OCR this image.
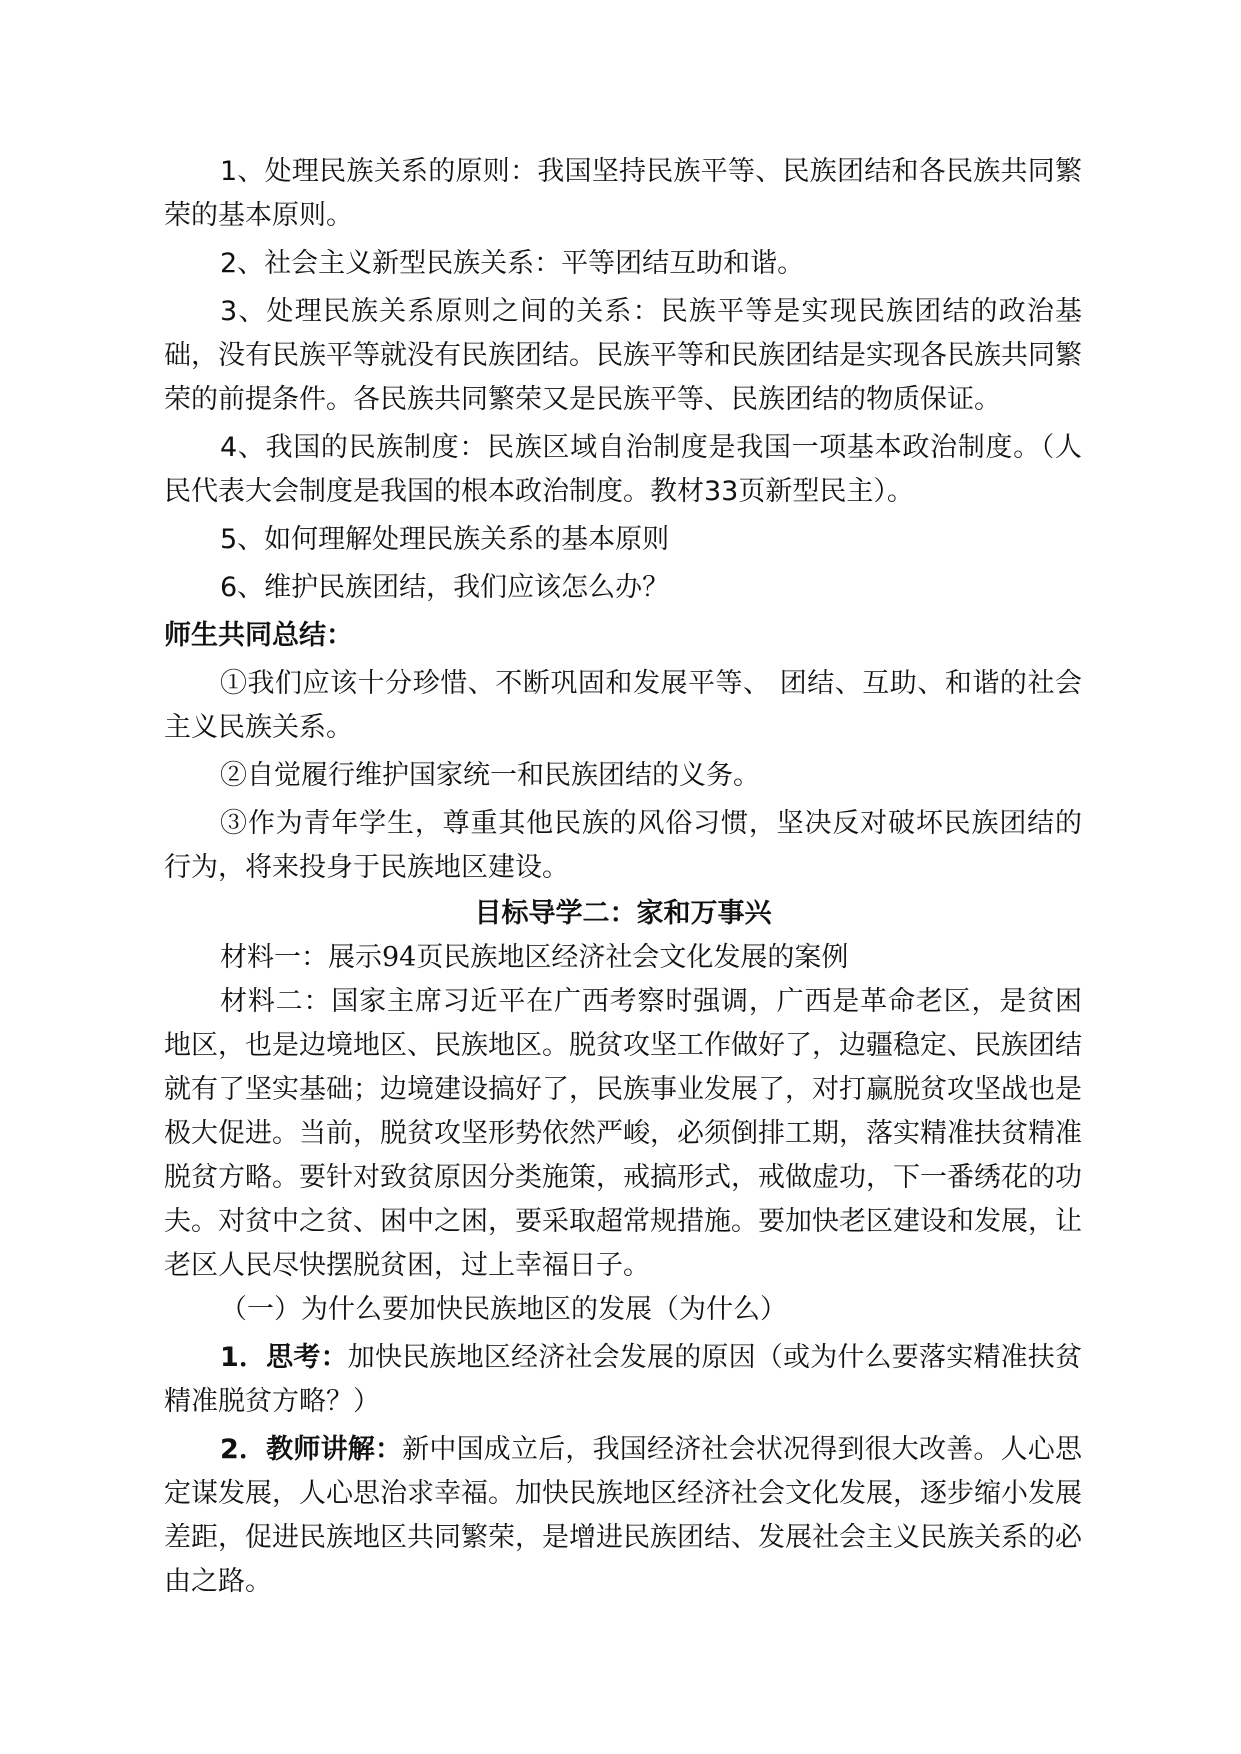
1、处理民族关系的原则：我国坚持民族平等、民族团结和各民族共同繁荣的基本原则。

2、社会主义新型民族关系：平等团结互助和谐。

3、处理民族关系原则之间的关系：民族平等是实现民族团结的政治基础，没有民族平等就没有民族团结。民族平等和民族团结是实现各民族共同繁荣的前提条件。各民族共同繁荣又是民族平等、民族团结的物质保证。

4、我国的民族制度：民族区域自治制度是我国一项基本政治制度。（人民代表大会制度是我国的根本政治制度。教材33页新型民主）。

5、如何理解处理民族关系的基本原则

6、维护民族团结，我们应该怎么办？

师生共同总结：

①我们应该十分珍惜、不断巩固和发展平等、 团结、互助、和谐的社会主义民族关系。

②自觉履行维护国家统一和民族团结的义务。

③作为青年学生，尊重其他民族的风俗习惯，坚决反对破坏民族团结的行为，将来投身于民族地区建设。

目标导学二：家和万事兴

材料一：展示94页民族地区经济社会文化发展的案例

材料二：国家主席习近平在广西考察时强调，广西是革命老区，是贫困地区，也是边境地区、民族地区。脱贫攻坚工作做好了，边疆稳定、民族团结就有了坚实基础；边境建设搞好了，民族事业发展了，对打赢脱贫攻坚战也是极大促进。当前，脱贫攻坚形势依然严峻，必须倒排工期，落实精准扶贫精准脱贫方略。要针对致贫原因分类施策，戒搞形式，戒做虚功，下一番绣花的功夫。对贫中之贫、困中之困，要采取超常规措施。要加快老区建设和发展，让老区人民尽快摆脱贫困，过上幸福日子。

（一）为什么要加快民族地区的发展（为什么）

1．思考：加快民族地区经济社会发展的原因（或为什么要落实精准扶贫精准脱贫方略？）

2．教师讲解：新中国成立后，我国经济社会状况得到很大改善。人心思定谋发展，人心思治求幸福。加快民族地区经济社会文化发展，逐步缩小发展差距，促进民族地区共同繁荣，是增进民族团结、发展社会主义民族关系的必由之路。
